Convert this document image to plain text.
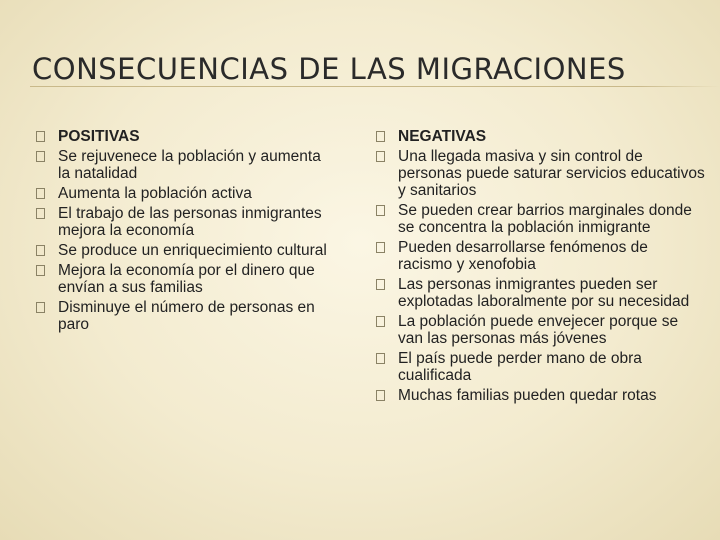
CONSECUENCIAS DE LAS MIGRACIONES
POSITIVAS
Se rejuvenece la población y aumenta la natalidad
Aumenta la población activa
El trabajo de las personas inmigrantes mejora la economía
Se produce un enriquecimiento cultural
Mejora la economía por el dinero que envían a sus familias
Disminuye el número de personas en paro
NEGATIVAS
Una llegada masiva y sin control de personas puede saturar servicios educativos y sanitarios
Se pueden crear barrios marginales donde se concentra la población inmigrante
Pueden desarrollarse fenómenos de racismo y xenofobia
Las personas inmigrantes pueden ser explotadas laboralmente por su necesidad
La población puede envejecer porque se van las personas más jóvenes
El país puede perder mano de obra cualificada
Muchas familias pueden quedar rotas
